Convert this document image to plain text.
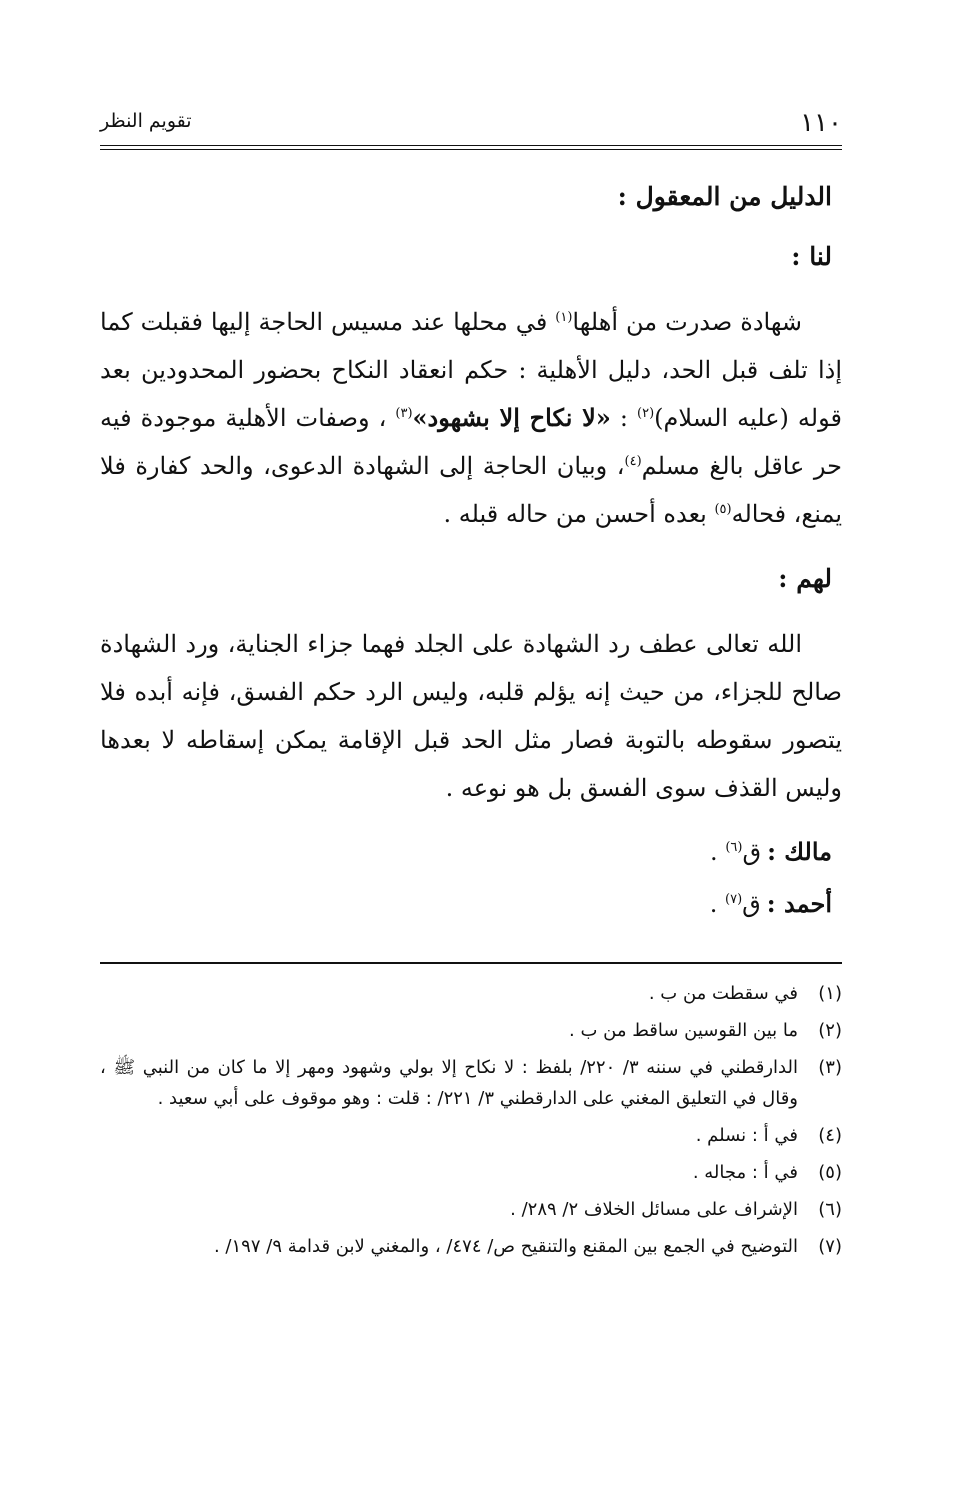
١١٠
تقويم النظر

الدليل من المعقول :

لنا :

شهادة صدرت من أهلها$^{(١)}$ في محلها عند مسيس الحاجة إليها فقبلت كما إذا تلف قبل الحد، دليل الأهلية : حكم انعقاد النكاح بحضور المحدودين بعد قوله (عليه السلام)$^{(٢)}$ : «لا نكاح إلا بشهود»$^{(٣)}$ ، وصفات الأهلية موجودة فيه حر عاقل بالغ مسلم$^{(٤)}$، وبيان الحاجة إلى الشهادة الدعوى، والحد كفارة فلا يمنع، فحاله$^{(٥)}$ بعده أحسن من حاله قبله .

لهم :

الله تعالى عطف رد الشهادة على الجلد فهما جزاء الجناية، ورد الشهادة صالح للجزاء، من حيث إنه يؤلم قلبه، وليس الرد حكم الفسق، فإنه أبده فلا يتصور سقوطه بالتوبة فصار مثل الحد قبل الإقامة يمكن إسقاطه لا بعدها وليس القذف سوى الفسق بل هو نوعه .

مالك :ق$^{(٦)}$ .

أحمد :ق$^{(٧)}$ .

(١)
في سقطت من ب .
(٢)
ما بين القوسين ساقط من ب .
(٣)
الدارقطني في سننه ٣/ ٢٢٠/ بلفظ : لا نكاح إلا بولي وشهود ومهر إلا ما كان من النبي ﷺ ، وقال في التعليق المغني على الدارقطني ٣/ ٢٢١/ : قلت : وهو موقوف على أبي سعيد .
(٤)
في أ : نسلم .
(٥)
في أ : مجاله .
(٦)
الإشراف على مسائل الخلاف ٢/ ٢٨٩/ .
(٧)
التوضيح في الجمع بين المقنع والتنقيح ص/ ٤٧٤/ ، والمغني لابن قدامة ٩/ ١٩٧/ .
